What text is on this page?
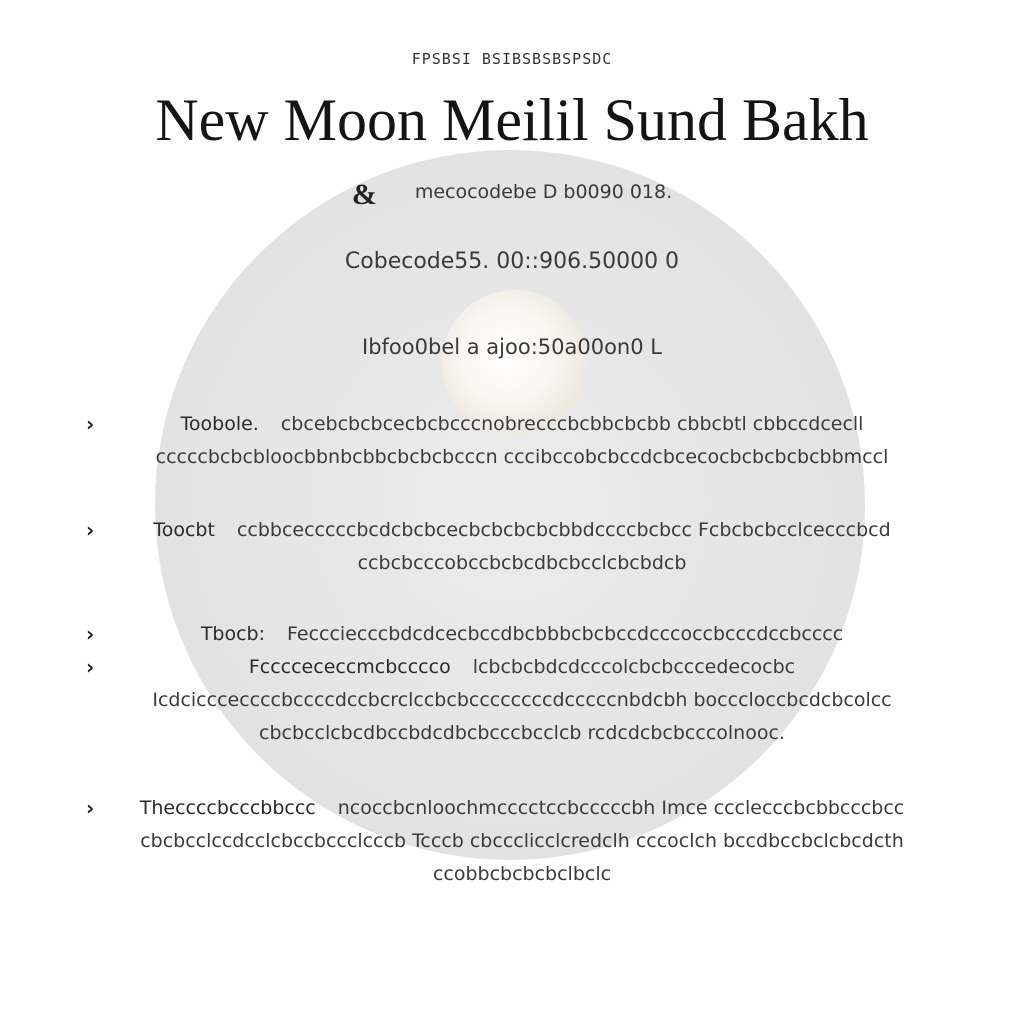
FPSBSI BSIBSBSBSPSDC
New Moon Meilil Sund Bakh
& mecocodebe D b0090 018.
Cobecode55. 00::906.50000 0
Ibfoo0bel a ajoo:50a00on0 L
›	Toobole. cbcebcbcbcecbcbcccnobrecccbcbbcbcbb cbbcbtl cbbccdcecll cccccbcbcbloocbbnbcbbcbcbcbcccn cccibccobcbccdcbcecocbcbcbcbcbbmccl
›	Toocbt ccbbcecccccbcdcbcbcecbcbcbcbcbbdccccbcbcc Fcbcbcbcclcecccbcd ccbcbcccobccbcbcdbcbcclcbcbdcb
›	Tbocb: Feccciecccbdcdcecbccdbcbbbcbcbccdcccoccbcccdccbcccc
›	Fccccececcmcbcccco lcbcbcbdcdcccolcbcbcccedecocbc Icdciccceccccbccccdccbcrclccbcbccccccccdcccccnbdcbh bocccloccbcdcbcolcc cbcbcclcbcdbccbdcdbcbcccbcclcb rcdcdcbcbcccolnooc.
›	Theccccbcccbbccc ncoccbcnloochmcccctccbcccccbh Imce ccclecccbcbbcccbcc cbcbcclccdcclcbccbccclcccb Tcccb cbccclicclcredclh cccoclch bccdbccbclcbcdcth ccobbcbcbcbclbclc
